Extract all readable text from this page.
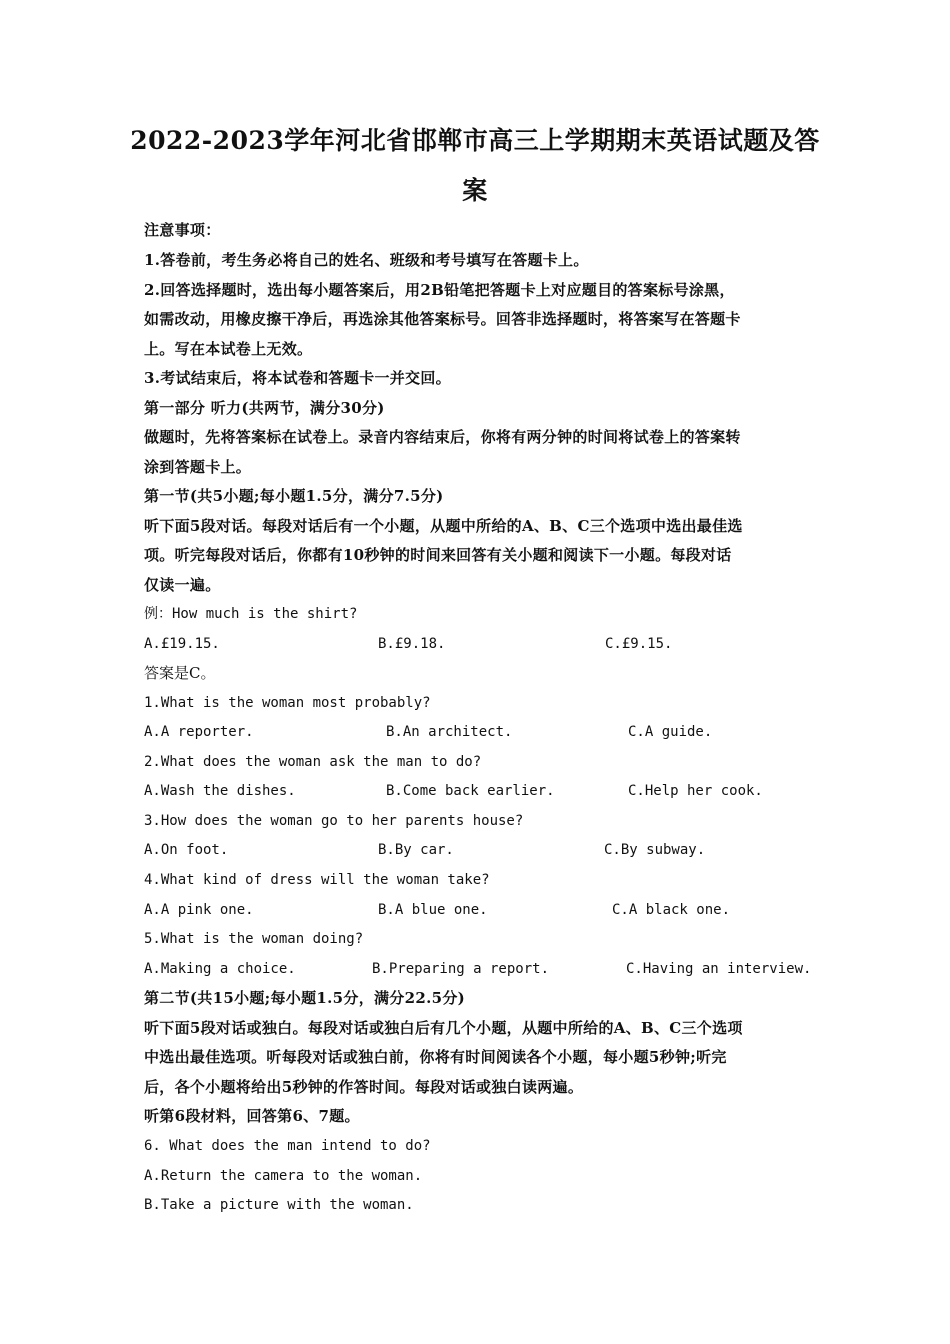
2022-2023学年河北省邯郸市高三上学期期末英语试题及答案
注意事项：
1.答卷前，考生务必将自己的姓名、班级和考号填写在答题卡上。
2.回答选择题时，选出每小题答案后，用2B铅笔把答题卡上对应题目的答案标号涂黑，
如需改动，用橡皮擦干净后，再选涂其他答案标号。回答非选择题时，将答案写在答题卡
上。写在本试卷上无效。
3.考试结束后，将本试卷和答题卡一并交回。
第一部分 听力(共两节，满分30分)
做题时，先将答案标在试卷上。录音内容结束后，你将有两分钟的时间将试卷上的答案转
涂到答题卡上。
第一节(共5小题;每小题1.5分，满分7.5分)
听下面5段对话。每段对话后有一个小题，从题中所给的A、B、C三个选项中选出最佳选
项。听完每段对话后，你都有10秒钟的时间来回答有关小题和阅读下一小题。每段对话
仅读一遍。
例：How much is the shirt?
A.£19.15.	B.£9.18.	C.£9.15.
答案是C。
1.What is the woman most probably?
A.A reporter.	B.An architect.	C.A guide.
2.What does the woman ask the man to do?
A.Wash the dishes.	B.Come back earlier.	C.Help her cook.
3.How does the woman go to her parents house?
A.On foot.	B.By car.	C.By subway.
4.What kind of dress will the woman take?
A.A pink one.	B.A blue one.	C.A black one.
5.What is the woman doing?
A.Making a choice.	B.Preparing a report.	C.Having an interview.
第二节(共15小题;每小题1.5分，满分22.5分)
听下面5段对话或独白。每段对话或独白后有几个小题，从题中所给的A、B、C三个选项
中选出最佳选项。听每段对话或独白前，你将有时间阅读各个小题，每小题5秒钟;听完
后，各个小题将给出5秒钟的作答时间。每段对话或独白读两遍。
听第6段材料，回答第6、7题。
6. What does the man intend to do?
A.Return the camera to the woman.
B.Take a picture with the woman.
